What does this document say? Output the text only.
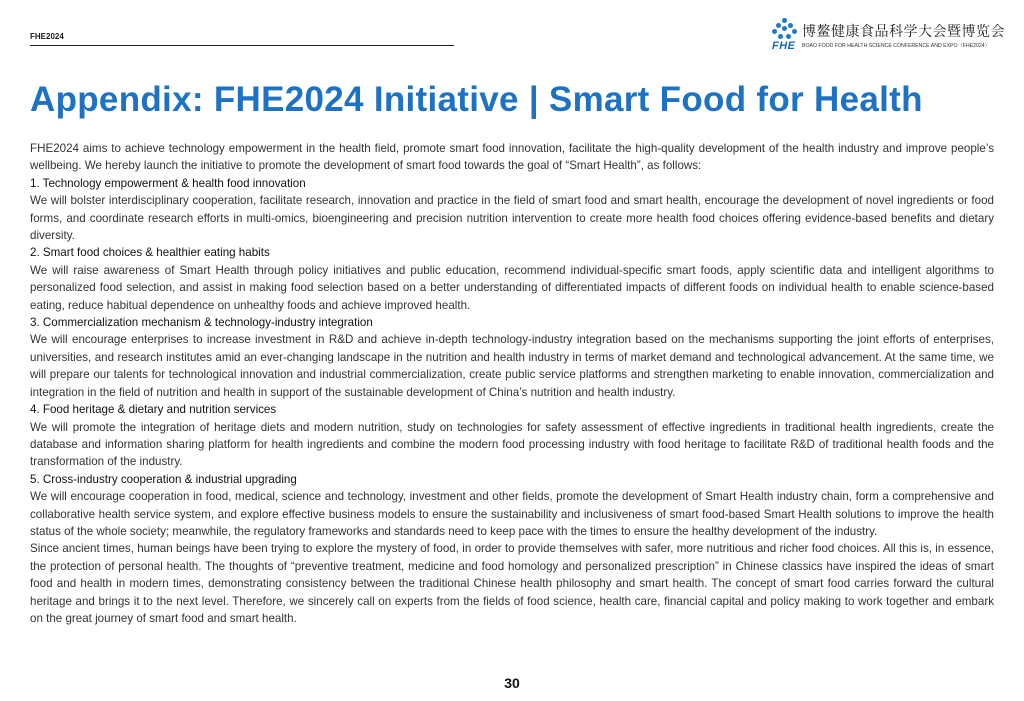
FHE2024
FHE
博鳌健康食品科学大会暨博览会
BOAO FOOD FOR HEALTH SCIENCE CONFERENCE AND EXPO（FHE2024）
Appendix: FHE2024 Initiative | Smart Food for Health

FHE2024 aims to achieve technology empowerment in the health field, promote smart food innovation, facilitate the high-quality development of the health industry and improve people’s wellbeing. We hereby launch the initiative to promote the development of smart food towards the goal of “Smart Health”, as follows:

1. Technology empowerment & health food innovation

We will bolster interdisciplinary cooperation, facilitate research, innovation and practice in the field of smart food and smart health, encourage the development of novel ingredients or food forms, and coordinate research efforts in multi-omics, bioengineering and precision nutrition intervention to create more health food choices offering evidence-based benefits and dietary diversity.

2. Smart food choices & healthier eating habits

We will raise awareness of Smart Health through policy initiatives and public education, recommend individual-specific smart foods, apply scientific data and intelligent algorithms to personalized food selection, and assist in making food selection based on a better understanding of differentiated impacts of different foods on individual health to enable science-based eating, reduce habitual dependence on unhealthy foods and achieve improved health.

3. Commercialization mechanism & technology-industry integration

We will encourage enterprises to increase investment in R&D and achieve in-depth technology-industry integration based on the mechanisms supporting the joint efforts of enterprises, universities, and research institutes amid an ever-changing landscape in the nutrition and health industry in terms of market demand and technological advancement. At the same time, we will prepare our talents for technological innovation and industrial commercialization, create public service platforms and strengthen marketing to enable innovation, commercialization and integration in the field of nutrition and health in support of the sustainable development of China’s nutrition and health industry.

4. Food heritage & dietary and nutrition services

We will promote the integration of heritage diets and modern nutrition, study on technologies for safety assessment of effective ingredients in traditional health ingredients, create the database and information sharing platform for health ingredients and combine the modern food processing industry with food heritage to facilitate R&D of traditional health foods and the transformation of the industry.

5. Cross-industry cooperation & industrial upgrading

We will encourage cooperation in food, medical, science and technology, investment and other fields, promote the development of Smart Health industry chain, form a comprehensive and collaborative health service system, and explore effective business models to ensure the sustainability and inclusiveness of smart food-based Smart Health solutions to improve the health status of the whole society; meanwhile, the regulatory frameworks and standards need to keep pace with the times to ensure the healthy development of the industry.

Since ancient times, human beings have been trying to explore the mystery of food, in order to provide themselves with safer, more nutritious and richer food choices. All this is, in essence, the protection of personal health. The thoughts of “preventive treatment, medicine and food homology and personalized prescription” in Chinese classics have inspired the ideas of smart food and health in modern times, demonstrating consistency between the traditional Chinese health philosophy and smart health. The concept of smart food carries forward the cultural heritage and brings it to the next level. Therefore, we sincerely call on experts from the fields of food science, health care, financial capital and policy making to work together and embark on the great journey of smart food and smart health.

30
